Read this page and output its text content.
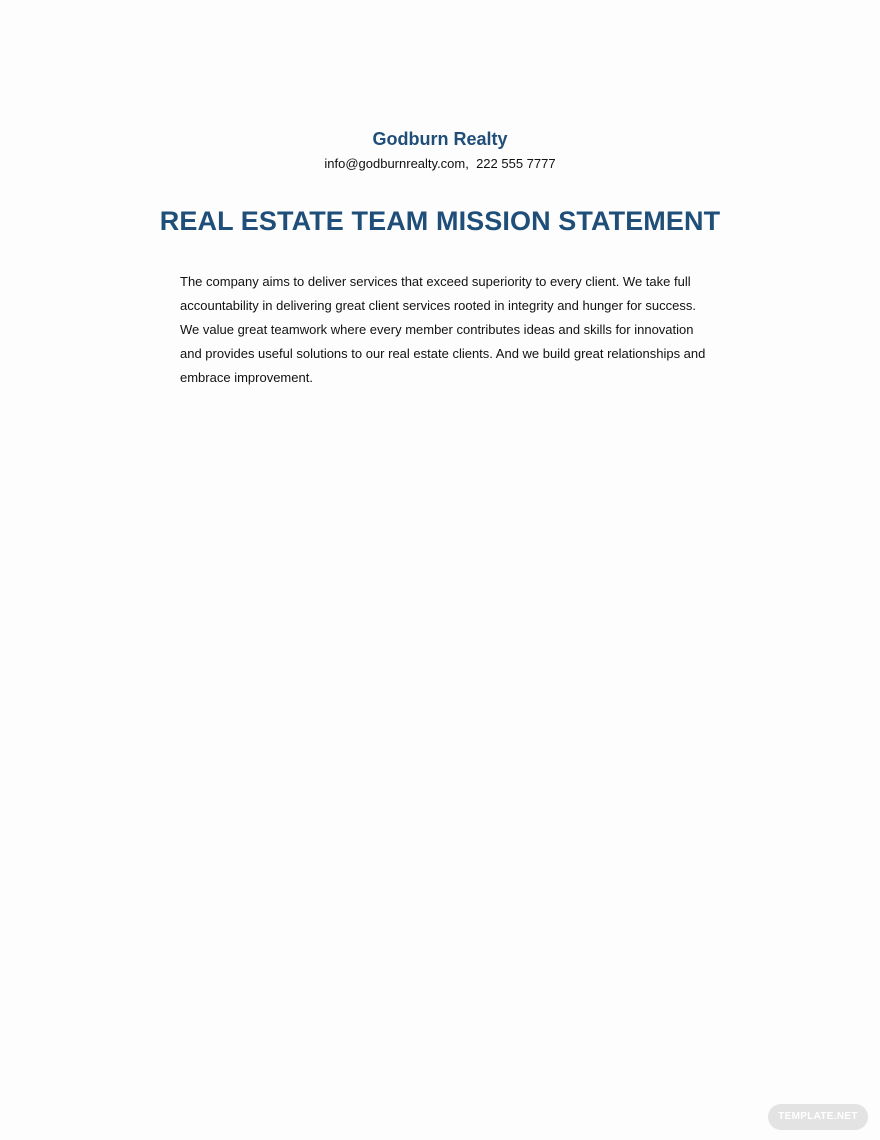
Godburn Realty
info@godburnrealty.com,  222 555 7777
REAL ESTATE TEAM MISSION STATEMENT
The company aims to deliver services that exceed superiority to every client. We take full accountability in delivering great client services rooted in integrity and hunger for success. We value great teamwork where every member contributes ideas and skills for innovation and provides useful solutions to our real estate clients. And we build great relationships and embrace improvement.
TEMPLATE.NET
